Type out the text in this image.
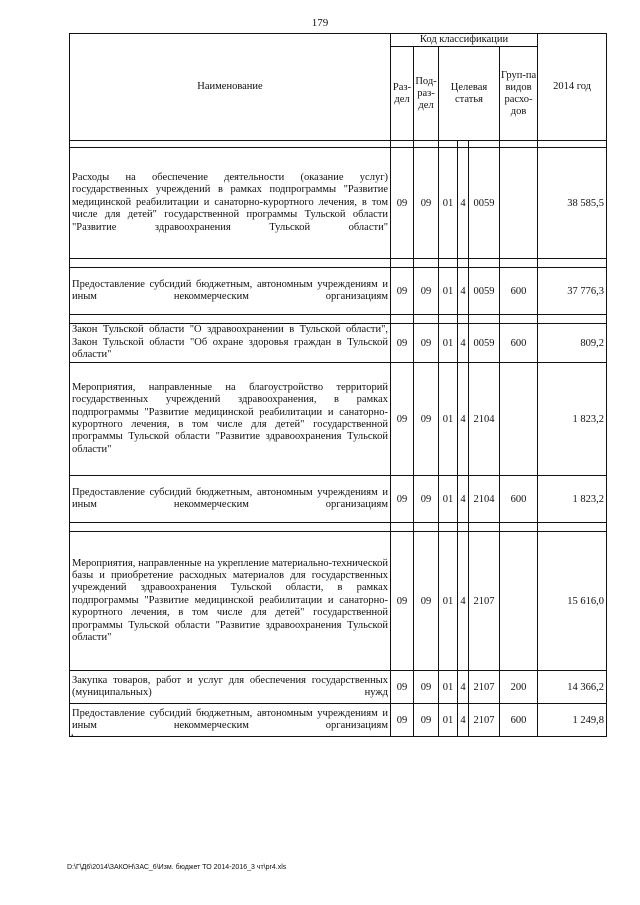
179
Наименование	Код классификации						2014 год
	Раз-дел	Под-раз-дел	Целевая статья			Груп-па видов расхо-дов	

Расходы на обеспечение деятельности (оказание услуг) государственных учреждений в рамках подпрограммы "Развитие медицинской реабилитации и санаторно-курортного лечения, в том числе для детей" государственной программы Тульской области "Развитие здравоохранения Тульской области"	09	09	01	4	0059		38 585,5

Предоставление субсидий бюджетным, автономным учреждениям и иным некоммерческим организациям	09	09	01	4	0059	600	37 776,3

Закон Тульской области "О здравоохранении в Тульской области", Закон Тульской области "Об охране здоровья граждан в Тульской области"	09	09	01	4	0059	600	809,2
Мероприятия, направленные на благоустройство территорий государственных учреждений здравоохранения, в рамках подпрограммы "Развитие медицинской реабилитации и санаторно-курортного лечения, в том числе для детей" государственной программы Тульской области "Развитие здравоохранения Тульской области"	09	09	01	4	2104		1 823,2
Предоставление субсидий бюджетным, автономным учреждениям и иным некоммерческим организациям	09	09	01	4	2104	600	1 823,2

Мероприятия, направленные на укрепление материально-технической базы и приобретение расходных материалов для государственных учреждений здравоохранения Тульской области, в рамках подпрограммы "Развитие медицинской реабилитации и санаторно-курортного лечения, в том числе для детей" государственной программы Тульской области "Развитие здравоохранения Тульской области"	09	09	01	4	2107		15 616,0
Закупка товаров, работ и услуг для обеспечения государственных (муниципальных) нужд	09	09	01	4	2107	200	14 366,2
Предоставление субсидий бюджетным, автономным учреждениям и иным некоммерческим организациям	09	09	01	4	2107	600	1 249,8
·
D:\Г\Д6\2014\ЗАКОН\ЗАС_6\Изм. бюджет ТО 2014-2016_3 чт\pr4.xls
